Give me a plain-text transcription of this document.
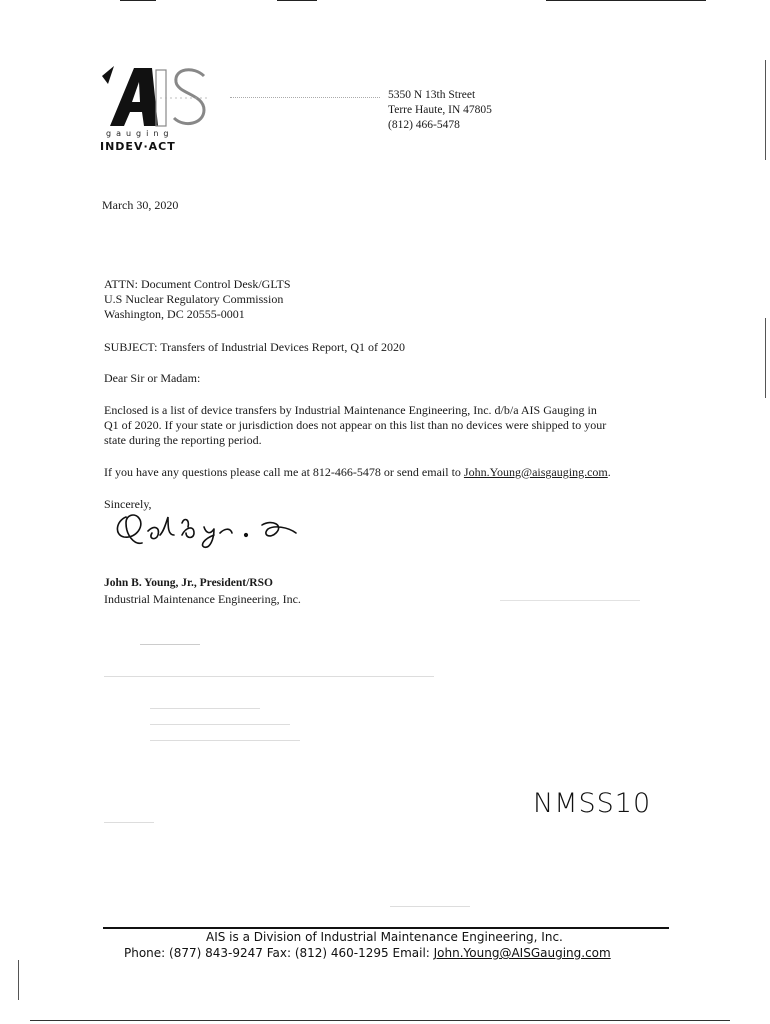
gauging
INDEV·ACT
5350 N 13th Street
Terre Haute, IN 47805
(812) 466-5478
March 30, 2020
ATTN: Document Control Desk/GLTS
U.S Nuclear Regulatory Commission
Washington, DC 20555-0001
SUBJECT: Transfers of Industrial Devices Report, Q1 of 2020
Dear Sir or Madam:
Enclosed is a list of device transfers by Industrial Maintenance Engineering, Inc. d/b/a AIS Gauging in
Q1 of 2020. If your state or jurisdiction does not appear on this list than no devices were shipped to your
state during the reporting period.
If you have any questions please call me at 812-466-5478 or send email to John.Young@aisgauging.com.
Sincerely,
John B. Young, Jr., President/RSO
Industrial Maintenance Engineering, Inc.
NMSS10
AIS is a Division of Industrial Maintenance Engineering, Inc.
Phone: (877) 843-9247 Fax: (812) 460-1295 Email: John.Young@AISGauging.com
